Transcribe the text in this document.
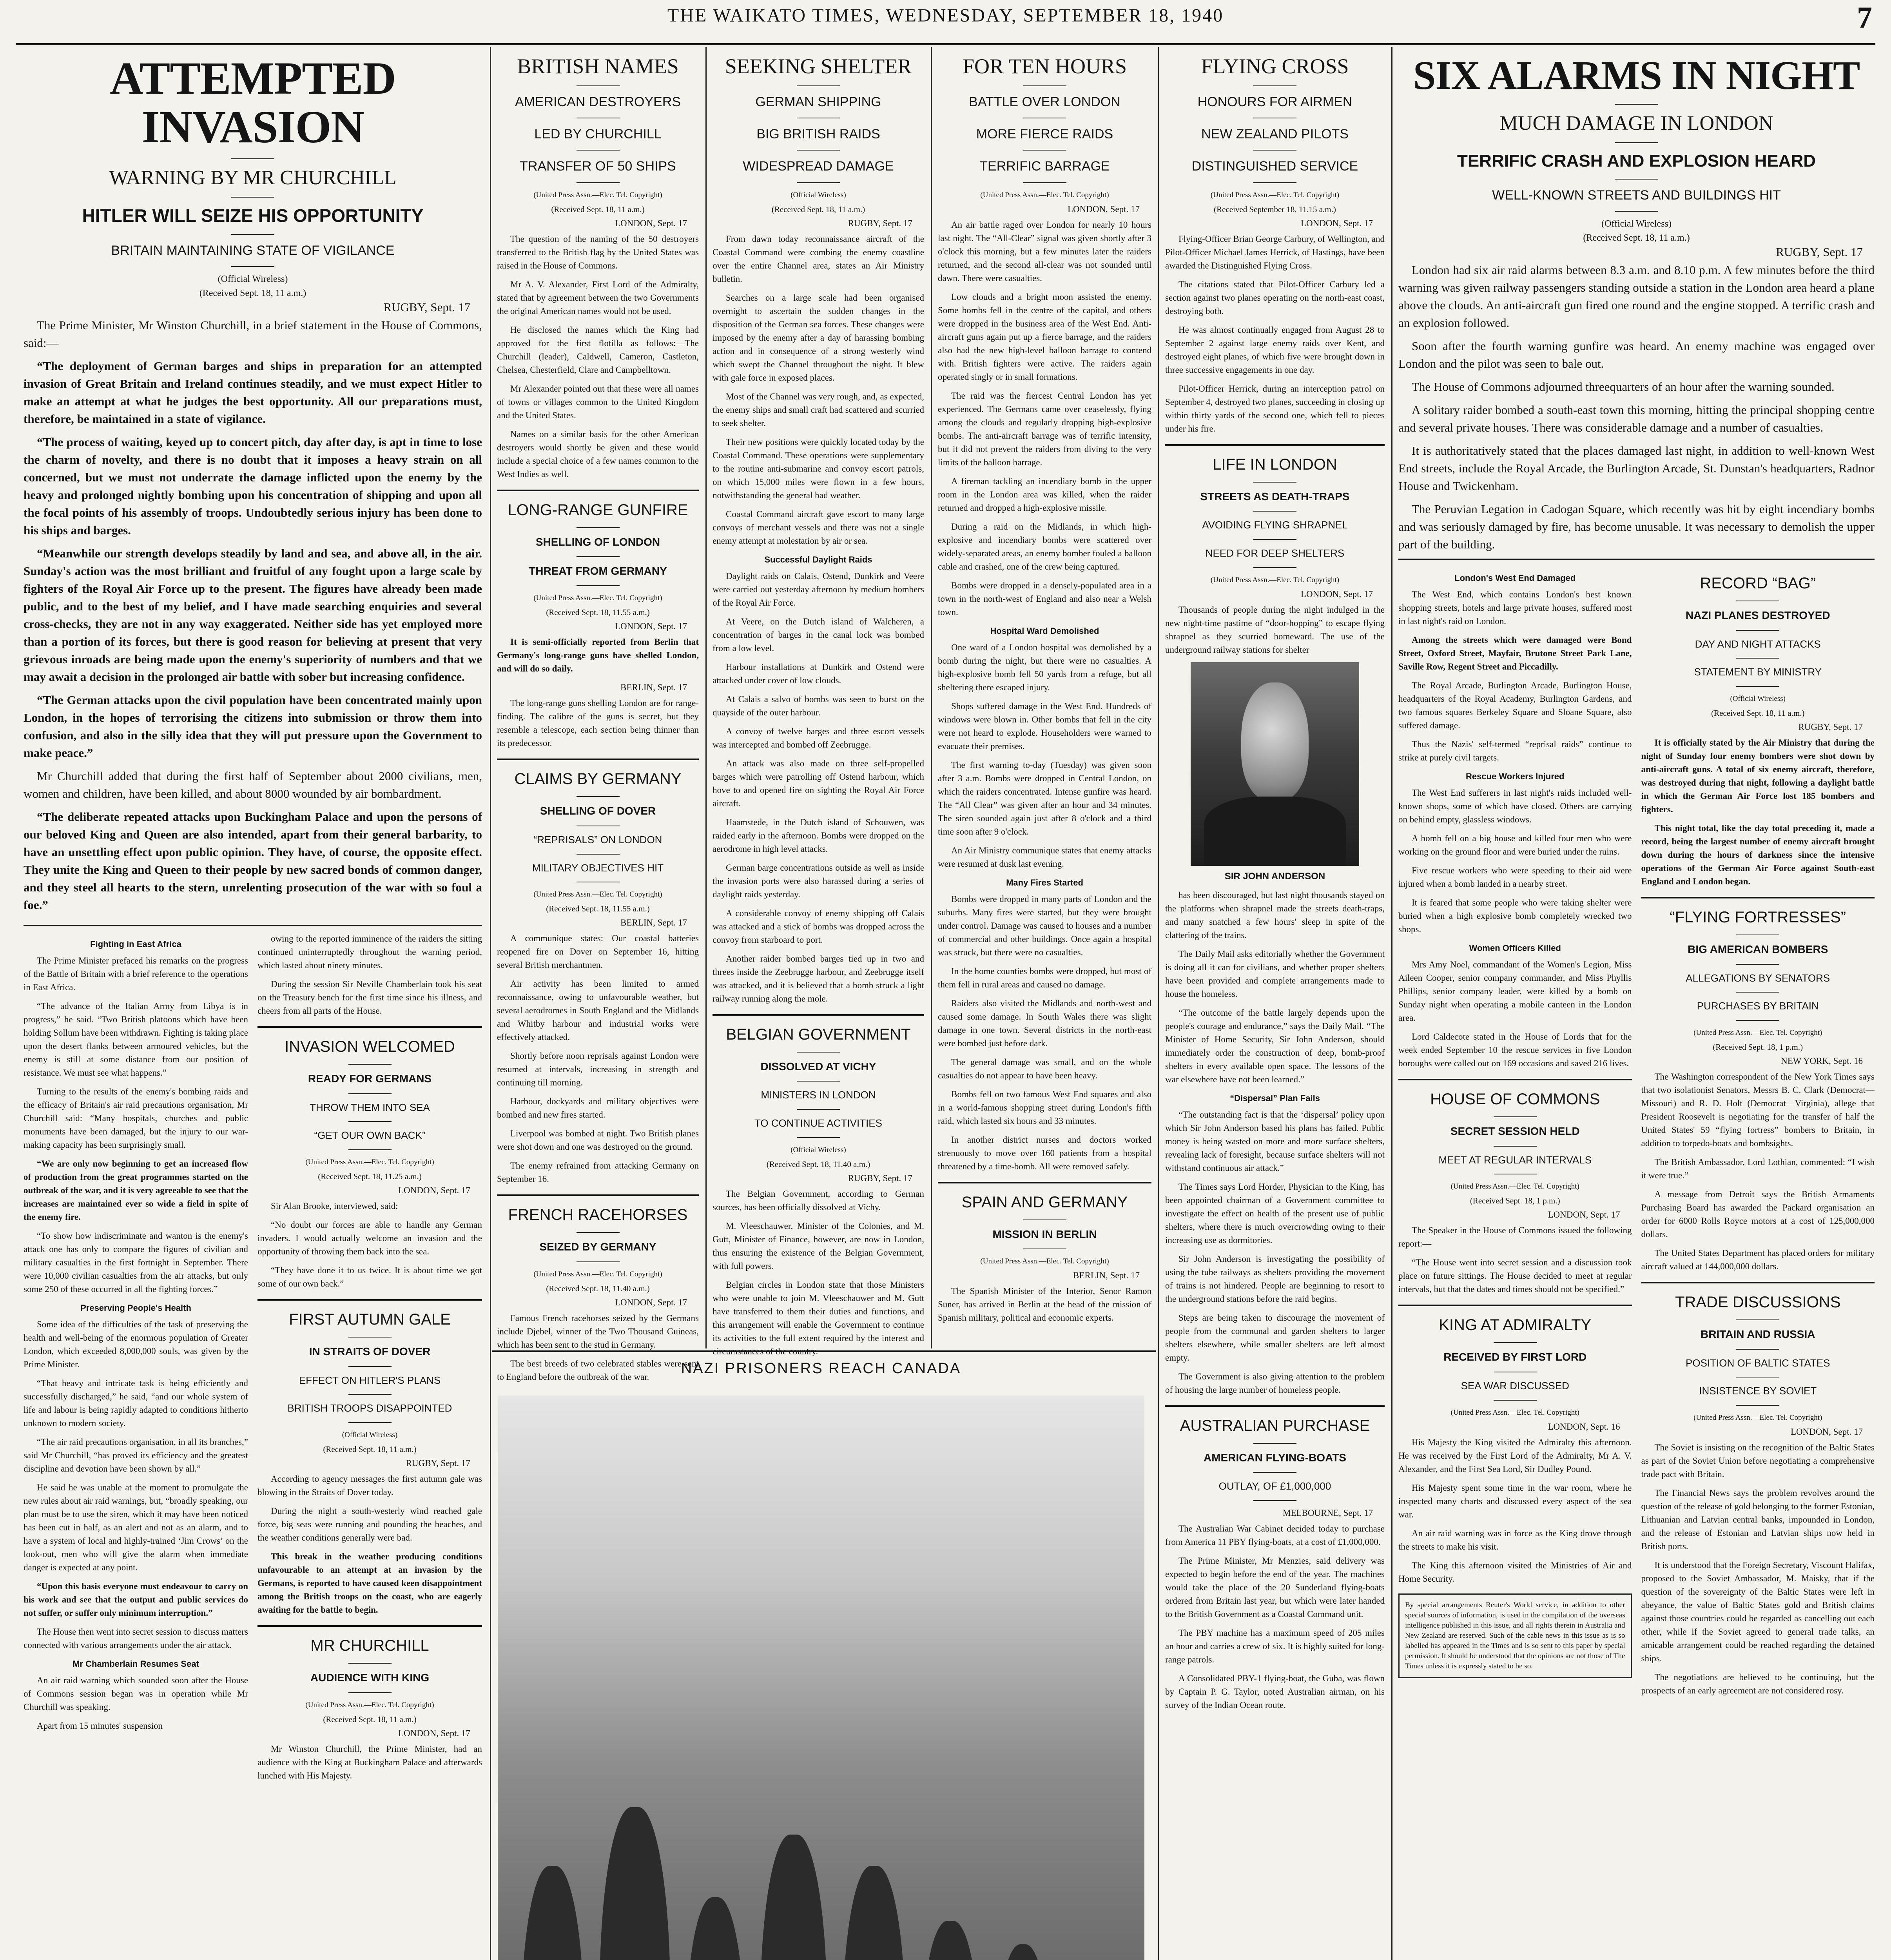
THE WAIKATO TIMES, WEDNESDAY, SEPTEMBER 18, 1940	7
ATTEMPTED INVASION
WARNING BY MR CHURCHILL
HITLER WILL SEIZE HIS OPPORTUNITY
BRITAIN MAINTAINING STATE OF VIGILANCE
(Official Wireless)
(Received Sept. 18, 11 a.m.)
RUGBY, Sept. 17

The Prime Minister, Mr Winston Churchill, in a brief statement in the House of Commons, said:—

“The deployment of German barges and ships in preparation for an attempted invasion of Great Britain and Ireland continues steadily, and we must expect Hitler to make an attempt at what he judges the best opportunity. All our preparations must, therefore, be maintained in a state of vigilance.

“The process of waiting, keyed up to concert pitch, day after day, is apt in time to lose the charm of novelty, and there is no doubt that it imposes a heavy strain on all concerned, but we must not underrate the damage inflicted upon the enemy by the heavy and prolonged nightly bombing upon his concentration of shipping and upon all the focal points of his assembly of troops. Undoubtedly serious injury has been done to his ships and barges.

“Meanwhile our strength develops steadily by land and sea, and above all, in the air. Sunday's action was the most brilliant and fruitful of any fought upon a large scale by fighters of the Royal Air Force up to the present. The figures have already been made public, and to the best of my belief, and I have made searching enquiries and several cross-checks, they are not in any way exaggerated. Neither side has yet employed more than a portion of its forces, but there is good reason for believing at present that very grievous inroads are being made upon the enemy's superiority of numbers and that we may await a decision in the prolonged air battle with sober but increasing confidence.

“The German attacks upon the civil population have been concentrated mainly upon London, in the hopes of terrorising the citizens into submission or throw them into confusion, and also in the silly idea that they will put pressure upon the Government to make peace.”

Mr Churchill added that during the first half of September about 2000 civilians, men, women and children, have been killed, and about 8000 wounded by air bombardment.

“The deliberate repeated attacks upon Buckingham Palace and upon the persons of our beloved King and Queen are also intended, apart from their general barbarity, to have an unsettling effect upon public opinion. They have, of course, the opposite effect. They unite the King and Queen to their people by new sacred bonds of common danger, and they steel all hearts to the stern, unrelenting prosecution of the war with so foul a foe.”

Fighting in East Africa

The Prime Minister prefaced his remarks on the progress of the Battle of Britain with a brief reference to the operations in East Africa.

“The advance of the Italian Army from Libya is in progress,” he said. “Two British platoons which have been holding Sollum have been withdrawn. Fighting is taking place upon the desert flanks between armoured vehicles, but the enemy is still at some distance from our position of resistance. We must see what happens.”

Turning to the results of the enemy's bombing raids and the efficacy of Britain's air raid precautions organisation, Mr Churchill said: “Many hospitals, churches and public monuments have been damaged, but the injury to our war-making capacity has been surprisingly small.

“We are only now beginning to get an increased flow of production from the great programmes started on the outbreak of the war, and it is very agreeable to see that the increases are maintained ever so wide a field in spite of the enemy fire.

“To show how indiscriminate and wanton is the enemy's attack one has only to compare the figures of civilian and military casualties in the first fortnight in September. There were 10,000 civilian casualties from the air attacks, but only some 250 of these occurred in all the fighting forces.”

Preserving People's Health

Some idea of the difficulties of the task of preserving the health and well-being of the enormous population of Greater London, which exceeded 8,000,000 souls, was given by the Prime Minister.

“That heavy and intricate task is being efficiently and successfully discharged,” he said, “and our whole system of life and labour is being rapidly adapted to conditions hitherto unknown to modern society.

“The air raid precautions organisation, in all its branches,” said Mr Churchill, “has proved its efficiency and the greatest discipline and devotion have been shown by all.”

He said he was unable at the moment to promulgate the new rules about air raid warnings, but, “broadly speaking, our plan must be to use the siren, which it may have been noticed has been cut in half, as an alert and not as an alarm, and to have a system of local and highly-trained ‘Jim Crows’ on the look-out, men who will give the alarm when immediate danger is expected at any point.

“Upon this basis everyone must endeavour to carry on his work and see that the output and public services do not suffer, or suffer only minimum interruption.”

The House then went into secret session to discuss matters connected with various arrangements under the air attack.

Mr Chamberlain Resumes Seat

An air raid warning which sounded soon after the House of Commons session began was in operation while Mr Churchill was speaking.

Apart from 15 minutes' suspension

owing to the reported imminence of the raiders the sitting continued uninterruptedly throughout the warning period, which lasted about ninety minutes.

During the session Sir Neville Chamberlain took his seat on the Treasury bench for the first time since his illness, and cheers from all parts of the House.

INVASION WELCOMED
READY FOR GERMANS
THROW THEM INTO SEA
“GET OUR OWN BACK”
(United Press Assn.—Elec. Tel. Copyright)
(Received Sept. 18, 11.25 a.m.)
LONDON, Sept. 17

Sir Alan Brooke, interviewed, said:

“No doubt our forces are able to handle any German invaders. I would actually welcome an invasion and the opportunity of throwing them back into the sea.

“They have done it to us twice. It is about time we got some of our own back.”

FIRST AUTUMN GALE
IN STRAITS OF DOVER
EFFECT ON HITLER'S PLANS
BRITISH TROOPS DISAPPOINTED
(Official Wireless)
(Received Sept. 18, 11 a.m.)
RUGBY, Sept. 17

According to agency messages the first autumn gale was blowing in the Straits of Dover today.

During the night a south-westerly wind reached gale force, big seas were running and pounding the beaches, and the weather conditions generally were bad.

This break in the weather producing conditions unfavourable to an attempt at an invasion by the Germans, is reported to have caused keen disappointment among the British troops on the coast, who are eagerly awaiting for the battle to begin.

MR CHURCHILL
AUDIENCE WITH KING
(United Press Assn.—Elec. Tel. Copyright)
(Received Sept. 18, 11 a.m.)
LONDON, Sept. 17

Mr Winston Churchill, the Prime Minister, had an audience with the King at Buckingham Palace and afterwards lunched with His Majesty.

BRITISH NAMES
AMERICAN DESTROYERS
LED BY CHURCHILL
TRANSFER OF 50 SHIPS
(United Press Assn.—Elec. Tel. Copyright)
(Received Sept. 18, 11 a.m.)
LONDON, Sept. 17

The question of the naming of the 50 destroyers transferred to the British flag by the United States was raised in the House of Commons.

Mr A. V. Alexander, First Lord of the Admiralty, stated that by agreement between the two Governments the original American names would not be used.

He disclosed the names which the King had approved for the first flotilla as follows:—The Churchill (leader), Caldwell, Cameron, Castleton, Chelsea, Chesterfield, Clare and Campbelltown.

Mr Alexander pointed out that these were all names of towns or villages common to the United Kingdom and the United States.

Names on a similar basis for the other American destroyers would shortly be given and these would include a special choice of a few names common to the West Indies as well.

LONG-RANGE GUNFIRE
SHELLING OF LONDON
THREAT FROM GERMANY
(United Press Assn.—Elec. Tel. Copyright)
(Received Sept. 18, 11.55 a.m.)
LONDON, Sept. 17

It is semi-officially reported from Berlin that Germany's long-range guns have shelled London, and will do so daily.

BERLIN, Sept. 17

The long-range guns shelling London are for range-finding. The calibre of the guns is secret, but they resemble a telescope, each section being thinner than its predecessor.

CLAIMS BY GERMANY
SHELLING OF DOVER
“REPRISALS” ON LONDON
MILITARY OBJECTIVES HIT
(United Press Assn.—Elec. Tel. Copyright)
(Received Sept. 18, 11.55 a.m.)
BERLIN, Sept. 17

A communique states: Our coastal batteries reopened fire on Dover on September 16, hitting several British merchantmen.

Air activity has been limited to armed reconnaissance, owing to unfavourable weather, but several aerodromes in South England and the Midlands and Whitby harbour and industrial works were effectively attacked.

Shortly before noon reprisals against London were resumed at intervals, increasing in strength and continuing till morning.

Harbour, dockyards and military objectives were bombed and new fires started.

Liverpool was bombed at night. Two British planes were shot down and one was destroyed on the ground.

The enemy refrained from attacking Germany on September 16.

FRENCH RACEHORSES
SEIZED BY GERMANY
(United Press Assn.—Elec. Tel. Copyright)
(Received Sept. 18, 11.40 a.m.)
LONDON, Sept. 17

Famous French racehorses seized by the Germans include Djebel, winner of the Two Thousand Guineas, which has been sent to the stud in Germany.

The best breeds of two celebrated stables were sent to England before the outbreak of the war.

SEEKING SHELTER
GERMAN SHIPPING
BIG BRITISH RAIDS
WIDESPREAD DAMAGE
(Official Wireless)
(Received Sept. 18, 11 a.m.)
RUGBY, Sept. 17

From dawn today reconnaissance aircraft of the Coastal Command were combing the enemy coastline over the entire Channel area, states an Air Ministry bulletin.

Searches on a large scale had been organised overnight to ascertain the sudden changes in the disposition of the German sea forces. These changes were imposed by the enemy after a day of harassing bombing action and in consequence of a strong westerly wind which swept the Channel throughout the night. It blew with gale force in exposed places.

Most of the Channel was very rough, and, as expected, the enemy ships and small craft had scattered and scurried to seek shelter.

Their new positions were quickly located today by the Coastal Command. These operations were supplementary to the routine anti-submarine and convoy escort patrols, on which 15,000 miles were flown in a few hours, notwithstanding the general bad weather.

Coastal Command aircraft gave escort to many large convoys of merchant vessels and there was not a single enemy attempt at molestation by air or sea.

Successful Daylight Raids

Daylight raids on Calais, Ostend, Dunkirk and Veere were carried out yesterday afternoon by medium bombers of the Royal Air Force.

At Veere, on the Dutch island of Walcheren, a concentration of barges in the canal lock was bombed from a low level.

Harbour installations at Dunkirk and Ostend were attacked under cover of low clouds.

At Calais a salvo of bombs was seen to burst on the quayside of the outer harbour.

A convoy of twelve barges and three escort vessels was intercepted and bombed off Zeebrugge.

An attack was also made on three self-propelled barges which were patrolling off Ostend harbour, which hove to and opened fire on sighting the Royal Air Force aircraft.

Haamstede, in the Dutch island of Schouwen, was raided early in the afternoon. Bombs were dropped on the aerodrome in high level attacks.

German barge concentrations outside as well as inside the invasion ports were also harassed during a series of daylight raids yesterday.

A considerable convoy of enemy shipping off Calais was attacked and a stick of bombs was dropped across the convoy from starboard to port.

Another raider bombed barges tied up in two and threes inside the Zeebrugge harbour, and Zeebrugge itself was attacked, and it is believed that a bomb struck a light railway running along the mole.

BELGIAN GOVERNMENT
DISSOLVED AT VICHY
MINISTERS IN LONDON
TO CONTINUE ACTIVITIES
(Official Wireless)
(Received Sept. 18, 11.40 a.m.)
RUGBY, Sept. 17

The Belgian Government, according to German sources, has been officially dissolved at Vichy.

M. Vleeschauwer, Minister of the Colonies, and M. Gutt, Minister of Finance, however, are now in London, thus ensuring the existence of the Belgian Government, with full powers.

Belgian circles in London state that those Ministers who were unable to join M. Vleeschauwer and M. Gutt have transferred to them their duties and functions, and this arrangement will enable the Government to continue its activities to the full extent required by the interest and circumstances of the country.

FOR TEN HOURS
BATTLE OVER LONDON
MORE FIERCE RAIDS
TERRIFIC BARRAGE
(United Press Assn.—Elec. Tel. Copyright)
LONDON, Sept. 17

An air battle raged over London for nearly 10 hours last night. The “All-Clear” signal was given shortly after 3 o'clock this morning, but a few minutes later the raiders returned, and the second all-clear was not sounded until dawn. There were casualties.

Low clouds and a bright moon assisted the enemy. Some bombs fell in the centre of the capital, and others were dropped in the business area of the West End. Anti-aircraft guns again put up a fierce barrage, and the raiders also had the new high-level balloon barrage to contend with. British fighters were active. The raiders again operated singly or in small formations.

The raid was the fiercest Central London has yet experienced. The Germans came over ceaselessly, flying among the clouds and regularly dropping high-explosive bombs. The anti-aircraft barrage was of terrific intensity, but it did not prevent the raiders from diving to the very limits of the balloon barrage.

A fireman tackling an incendiary bomb in the upper room in the London area was killed, when the raider returned and dropped a high-explosive missile.

During a raid on the Midlands, in which high-explosive and incendiary bombs were scattered over widely-separated areas, an enemy bomber fouled a balloon cable and crashed, one of the crew being captured.

Bombs were dropped in a densely-populated area in a town in the north-west of England and also near a Welsh town.

Hospital Ward Demolished

One ward of a London hospital was demolished by a bomb during the night, but there were no casualties. A high-explosive bomb fell 50 yards from a refuge, but all sheltering there escaped injury.

Shops suffered damage in the West End. Hundreds of windows were blown in. Other bombs that fell in the city were not heard to explode. Householders were warned to evacuate their premises.

The first warning to-day (Tuesday) was given soon after 3 a.m. Bombs were dropped in Central London, on which the raiders concentrated. Intense gunfire was heard. The “All Clear” was given after an hour and 34 minutes. The siren sounded again just after 8 o'clock and a third time soon after 9 o'clock.

An Air Ministry communique states that enemy attacks were resumed at dusk last evening.

Many Fires Started

Bombs were dropped in many parts of London and the suburbs. Many fires were started, but they were brought under control. Damage was caused to houses and a number of commercial and other buildings. Once again a hospital was struck, but there were no casualties.

In the home counties bombs were dropped, but most of them fell in rural areas and caused no damage.

Raiders also visited the Midlands and north-west and caused some damage. In South Wales there was slight damage in one town. Several districts in the north-east were bombed just before dark.

The general damage was small, and on the whole casualties do not appear to have been heavy.

Bombs fell on two famous West End squares and also in a world-famous shopping street during London's fifth raid, which lasted six hours and 33 minutes.

In another district nurses and doctors worked strenuously to move over 160 patients from a hospital threatened by a time-bomb. All were removed safely.

SPAIN AND GERMANY
MISSION IN BERLIN
(United Press Assn.—Elec. Tel. Copyright)
BERLIN, Sept. 17

The Spanish Minister of the Interior, Senor Ramon Suner, has arrived in Berlin at the head of the mission of Spanish military, political and economic experts.

NAZI PRISONERS REACH CANADA
FLYING CROSS
HONOURS FOR AIRMEN
NEW ZEALAND PILOTS
DISTINGUISHED SERVICE
(United Press Assn.—Elec. Tel. Copyright)
(Received September 18, 11.15 a.m.)
LONDON, Sept. 17

Flying-Officer Brian George Carbury, of Wellington, and Pilot-Officer Michael James Herrick, of Hastings, have been awarded the Distinguished Flying Cross.

The citations stated that Pilot-Officer Carbury led a section against two planes operating on the north-east coast, destroying both.

He was almost continually engaged from August 28 to September 2 against large enemy raids over Kent, and destroyed eight planes, of which five were brought down in three successive engagements in one day.

Pilot-Officer Herrick, during an interception patrol on September 4, destroyed two planes, succeeding in closing up within thirty yards of the second one, which fell to pieces under his fire.

LIFE IN LONDON
STREETS AS DEATH-TRAPS
AVOIDING FLYING SHRAPNEL
NEED FOR DEEP SHELTERS
(United Press Assn.—Elec. Tel. Copyright)
LONDON, Sept. 17

Thousands of people during the night indulged in the new night-time pastime of “door-hopping” to escape flying shrapnel as they scurried homeward. The use of the underground railway stations for shelter

SIR JOHN ANDERSON

has been discouraged, but last night thousands stayed on the platforms when shrapnel made the streets death-traps, and many snatched a few hours' sleep in spite of the clattering of the trains.

The Daily Mail asks editorially whether the Government is doing all it can for civilians, and whether proper shelters have been provided and complete arrangements made to house the homeless.

“The outcome of the battle largely depends upon the people's courage and endurance,” says the Daily Mail. “The Minister of Home Security, Sir John Anderson, should immediately order the construction of deep, bomb-proof shelters in every available open space. The lessons of the war elsewhere have not been learned.”

“Dispersal” Plan Fails

“The outstanding fact is that the ‘dispersal’ policy upon which Sir John Anderson based his plans has failed. Public money is being wasted on more and more surface shelters, revealing lack of foresight, because surface shelters will not withstand continuous air attack.”

The Times says Lord Horder, Physician to the King, has been appointed chairman of a Government committee to investigate the effect on health of the present use of public shelters, where there is much overcrowding owing to their increasing use as dormitories.

Sir John Anderson is investigating the possibility of using the tube railways as shelters providing the movement of trains is not hindered. People are beginning to resort to the underground stations before the raid begins.

Steps are being taken to discourage the movement of people from the communal and garden shelters to larger shelters elsewhere, while smaller shelters are left almost empty.

The Government is also giving attention to the problem of housing the large number of homeless people.

AUSTRALIAN PURCHASE
AMERICAN FLYING-BOATS
OUTLAY, OF £1,000,000
MELBOURNE, Sept. 17

The Australian War Cabinet decided today to purchase from America 11 PBY flying-boats, at a cost of £1,000,000.

The Prime Minister, Mr Menzies, said delivery was expected to begin before the end of the year. The machines would take the place of the 20 Sunderland flying-boats ordered from Britain last year, but which were later handed to the British Government as a Coastal Command unit.

The PBY machine has a maximum speed of 205 miles an hour and carries a crew of six. It is highly suited for long-range patrols.

A Consolidated PBY-1 flying-boat, the Guba, was flown by Captain P. G. Taylor, noted Australian airman, on his survey of the Indian Ocean route.

SIX ALARMS IN NIGHT
MUCH DAMAGE IN LONDON
TERRIFIC CRASH AND EXPLOSION HEARD
WELL-KNOWN STREETS AND BUILDINGS HIT
(Official Wireless)
(Received Sept. 18, 11 a.m.)
RUGBY, Sept. 17

London had six air raid alarms between 8.3 a.m. and 8.10 p.m. A few minutes before the third warning was given railway passengers standing outside a station in the London area heard a plane above the clouds. An anti-aircraft gun fired one round and the engine stopped. A terrific crash and an explosion followed.

Soon after the fourth warning gunfire was heard. An enemy machine was engaged over London and the pilot was seen to bale out.

The House of Commons adjourned threequarters of an hour after the warning sounded.

A solitary raider bombed a south-east town this morning, hitting the principal shopping centre and several private houses. There was considerable damage and a number of casualties.

It is authoritatively stated that the places damaged last night, in addition to well-known West End streets, include the Royal Arcade, the Burlington Arcade, St. Dunstan's headquarters, Radnor House and Twickenham.

The Peruvian Legation in Cadogan Square, which recently was hit by eight incendiary bombs and was seriously damaged by fire, has become unusable. It was necessary to demolish the upper part of the building.

London's West End Damaged

The West End, which contains London's best known shopping streets, hotels and large private houses, suffered most in last night's raid on London.

Among the streets which were damaged were Bond Street, Oxford Street, Mayfair, Brutone Street Park Lane, Saville Row, Regent Street and Piccadilly.

The Royal Arcade, Burlington Arcade, Burlington House, headquarters of the Royal Academy, Burlington Gardens, and two famous squares Berkeley Square and Sloane Square, also suffered damage.

Thus the Nazis' self-termed “reprisal raids” continue to strike at purely civil targets.

Rescue Workers Injured

The West End sufferers in last night's raids included well-known shops, some of which have closed. Others are carrying on behind empty, glassless windows.

A bomb fell on a big house and killed four men who were working on the ground floor and were buried under the ruins.

Five rescue workers who were speeding to their aid were injured when a bomb landed in a nearby street.

It is feared that some people who were taking shelter were buried when a high explosive bomb completely wrecked two shops.

Women Officers Killed

Mrs Amy Noel, commandant of the Women's Legion, Miss Aileen Cooper, senior company commander, and Miss Phyllis Phillips, senior company leader, were killed by a bomb on Sunday night when operating a mobile canteen in the London area.

Lord Caldecote stated in the House of Lords that for the week ended September 10 the rescue services in five London boroughs were called out on 169 occasions and saved 216 lives.

HOUSE OF COMMONS
SECRET SESSION HELD
MEET AT REGULAR INTERVALS
(United Press Assn.—Elec. Tel. Copyright)
(Received Sept. 18, 1 p.m.)
LONDON, Sept. 17

The Speaker in the House of Commons issued the following report:—

“The House went into secret session and a discussion took place on future sittings. The House decided to meet at regular intervals, but that the dates and times should not be specified.”

KING AT ADMIRALTY
RECEIVED BY FIRST LORD
SEA WAR DISCUSSED
(United Press Assn.—Elec. Tel. Copyright)
LONDON, Sept. 16

His Majesty the King visited the Admiralty this afternoon. He was received by the First Lord of the Admiralty, Mr A. V. Alexander, and the First Sea Lord, Sir Dudley Pound.

His Majesty spent some time in the war room, where he inspected many charts and discussed every aspect of the sea war.

An air raid warning was in force as the King drove through the streets to make his visit.

The King this afternoon visited the Ministries of Air and Home Security.

By special arrangements Reuter's World service, in addition to other special sources of information, is used in the compilation of the overseas intelligence published in this issue, and all rights therein in Australia and New Zealand are reserved. Such of the cable news in this issue as is so labelled has appeared in the Times and is so sent to this paper by special permission. It should be understood that the opinions are not those of The Times unless it is expressly stated to be so.
RECORD “BAG”
NAZI PLANES DESTROYED
DAY AND NIGHT ATTACKS
STATEMENT BY MINISTRY
(Official Wireless)
(Received Sept. 18, 11 a.m.)
RUGBY, Sept. 17

It is officially stated by the Air Ministry that during the night of Sunday four enemy bombers were shot down by anti-aircraft guns. A total of six enemy aircraft, therefore, was destroyed during that night, following a daylight battle in which the German Air Force lost 185 bombers and fighters.

This night total, like the day total preceding it, made a record, being the largest number of enemy aircraft brought down during the hours of darkness since the intensive operations of the German Air Force against South-east England and London began.

“FLYING FORTRESSES”
BIG AMERICAN BOMBERS
ALLEGATIONS BY SENATORS
PURCHASES BY BRITAIN
(United Press Assn.—Elec. Tel. Copyright)
(Received Sept. 18, 1 p.m.)
NEW YORK, Sept. 16

The Washington correspondent of the New York Times says that two isolationist Senators, Messrs B. C. Clark (Democrat—Missouri) and R. D. Holt (Democrat—Virginia), allege that President Roosevelt is negotiating for the transfer of half the United States' 59 “flying fortress” bombers to Britain, in addition to torpedo-boats and bombsights.

The British Ambassador, Lord Lothian, commented: “I wish it were true.”

A message from Detroit says the British Armaments Purchasing Board has awarded the Packard organisation an order for 6000 Rolls Royce motors at a cost of 125,000,000 dollars.

The United States Department has placed orders for military aircraft valued at 144,000,000 dollars.

TRADE DISCUSSIONS
BRITAIN AND RUSSIA
POSITION OF BALTIC STATES
INSISTENCE BY SOVIET
(United Press Assn.—Elec. Tel. Copyright)
LONDON, Sept. 17

The Soviet is insisting on the recognition of the Baltic States as part of the Soviet Union before negotiating a comprehensive trade pact with Britain.

The Financial News says the problem revolves around the question of the release of gold belonging to the former Estonian, Lithuanian and Latvian central banks, impounded in London, and the release of Estonian and Latvian ships now held in British ports.

It is understood that the Foreign Secretary, Viscount Halifax, proposed to the Soviet Ambassador, M. Maisky, that if the question of the sovereignty of the Baltic States were left in abeyance, the value of Baltic States gold and British claims against those countries could be regarded as cancelling out each other, while if the Soviet agreed to general trade talks, an amicable arrangement could be reached regarding the detained ships.

The negotiations are believed to be continuing, but the prospects of an early agreement are not considered rosy.
